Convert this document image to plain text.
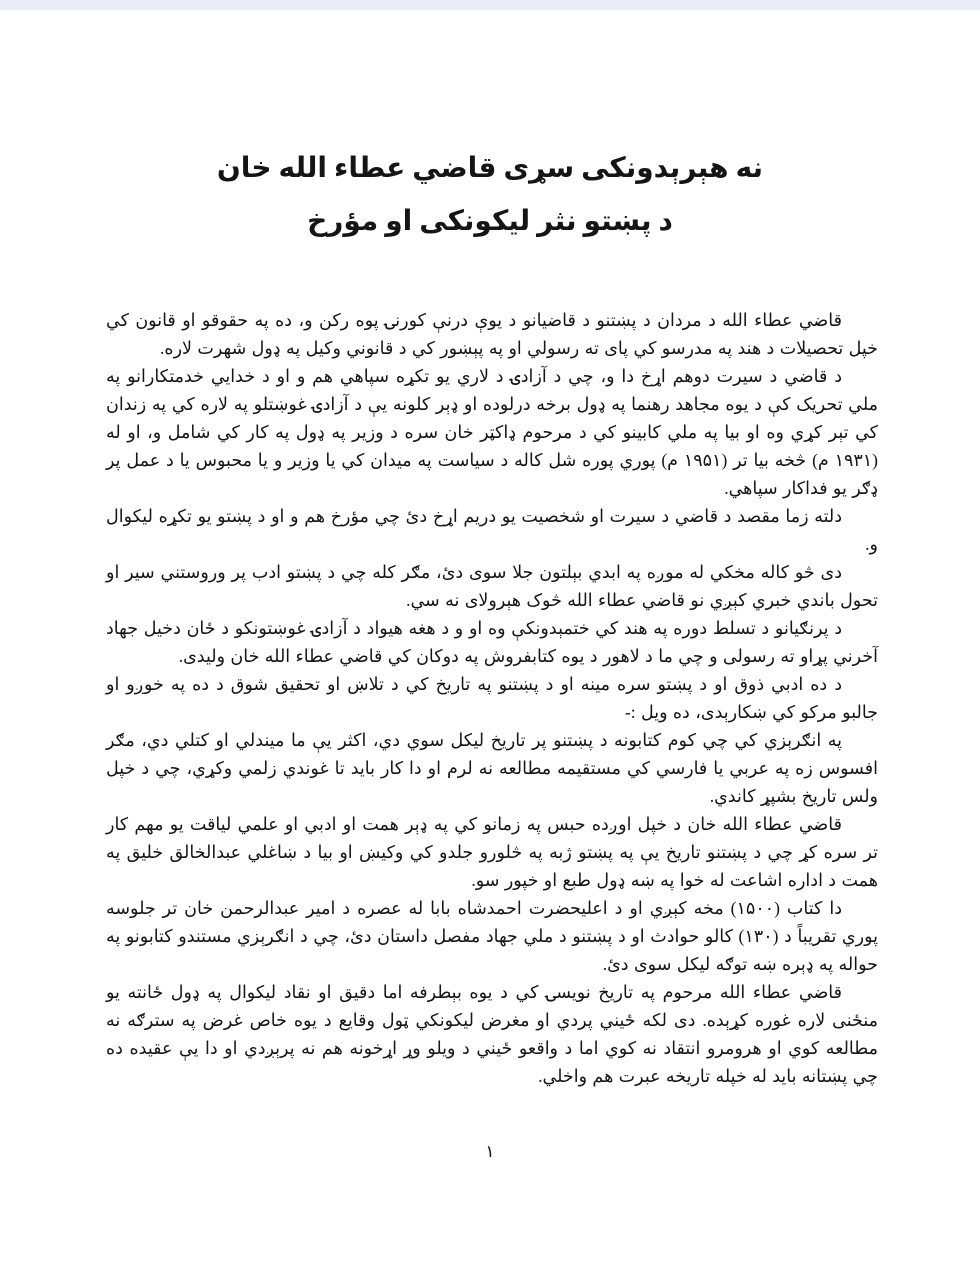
نه هېرېدونکی سړی قاضي عطاء الله خان
د پښتو نثر لیکونکی او مؤرخ

قاضي عطاء الله د مردان د پښتنو د قاضیانو د یوې درنې کورنۍ پوه رکن و، ده په حقوقو او قانون کي خپل تحصیلات د هند په مدرسو کي پای ته رسولي او په پېښور کي د قانوني وکیل په ډول شهرت لاره.

د قاضي د سیرت دوهم اړخ دا و، چي د آزادۍ د لاري یو تکړه سپاهي هم و او د خدایي خدمتکارانو په ملي تحریک کې د یوه مجاهد رهنما په ډول برخه درلوده او ډېر کلونه یې د آزادۍ غوښتلو په لاره کي په زندان کي تېر کړي وه او بیا په ملي کابینو کي د مرحوم ډاکټر خان سره د وزیر په ډول په کار کي شامل و، او له (۱۹۳۱ م) څخه بیا تر (۱۹۵۱ م) پوري پوره شل کاله د سیاست په میدان کي یا وزیر و یا محبوس یا د عمل پر ډګر یو فداکار سپاهي.

دلته زما مقصد د قاضي د سیرت او شخصیت یو دریم اړخ دئ چي مؤرخ هم و او د پښتو یو تکړه لیکوال و.

دی څو کاله مخکي له موږه په ابدي بېلتون جلا سوی دئ، مګر کله چي د پښتو ادب پر وروستني سیر او تحول باندي خبري کېږي نو قاضي عطاء الله څوک هېرولای نه سي.

د پرنګیانو د تسلط دوره په هند کي ختمېدونکې وه او و د هغه هیواد د آزادۍ غوښتونکو د ځان دخیل جهاد آخرني پړاو ته رسولی و چي ما د لاهور د یوه کتابفروش په دوکان کي قاضي عطاء الله خان ولیدی.

د ده ادبي ذوق او د پښتو سره مینه او د پښتنو په تاریخ کي د تلاښ او تحقیق شوق د ده په خوږو او جالبو مرکو کي ښکارېدی، ده ویل :-

په انګرېزي کي چي کوم کتابونه د پښتنو پر تاریخ لیکل سوي دي، اکثر یې ما میندلي او کتلي دي، مګر افسوس زه په عربي یا فارسي کي مستقیمه مطالعه نه لرم او دا کار باید تا غوندي زلمي وکړي، چي د خپل ولس تاریخ بشپړ کاندي.

قاضي عطاء الله خان د خپل اوږده حبس په زمانو کي په ډېر همت او ادبي او علمي لیاقت یو مهم کار تر سره کړ چي د پښتنو تاریخ یې په پښتو ژبه په څلورو جلدو کي وکیښ او بیا د ښاغلي عبدالخالق خلیق په همت د اداره اشاعت له خوا په ښه ډول طبع او خپور سو.

دا کتاب (۱۵۰۰) مخه کېږي او د اعلیحضرت احمدشاه بابا له عصره د امیر عبدالرحمن خان تر جلوسه پوري تقریباً د (۱۳۰) کالو حوادث او د پښتنو د ملي جهاد مفصل داستان دئ، چي د انګرېزي مستندو کتابونو په حواله په ډېره ښه توګه لیکل سوی دئ.

قاضي عطاء الله مرحوم په تاریخ نویسۍ کي د یوه بېطرفه اما دقیق او نقاد لیکوال په ډول ځانته یو منځنی لاره غوره کړېده. دی لکه ځیني پردي او مغرض لیکونکي ټول وقایع د یوه خاص غرض په سترګه نه مطالعه کوي او هرومرو انتقاد نه کوي اما د واقعو ځیني د ویلو وړ اړخونه هم نه پرېږدي او دا یې عقیده ده چي پښتانه باید له خپله تاریخه عبرت هم واخلي.

۱
